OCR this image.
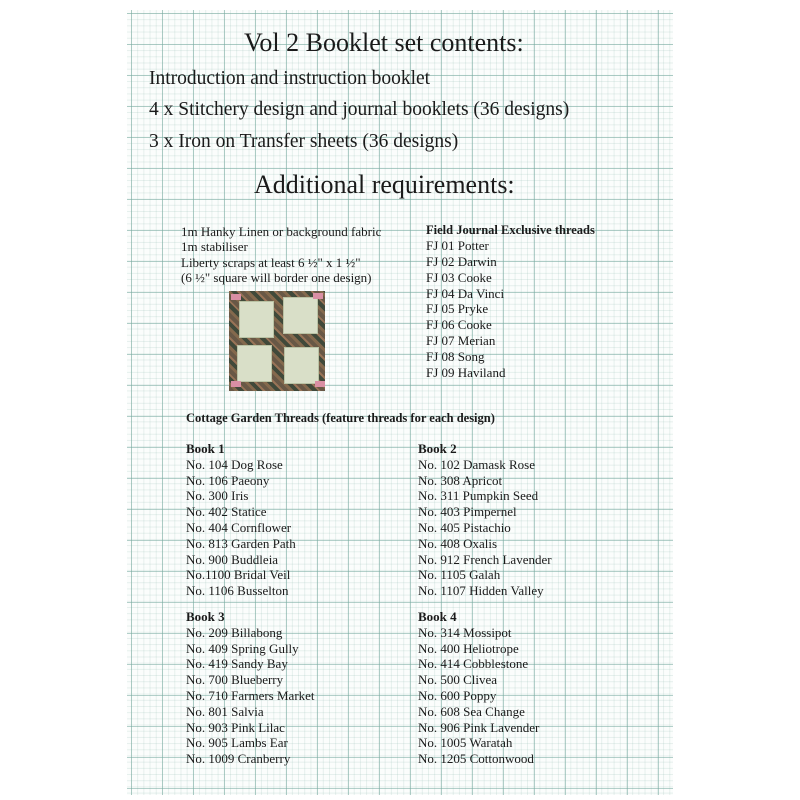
Vol 2 Booklet set contents:
Introduction and instruction booklet
4 x Stitchery design and journal booklets (36 designs)
3 x Iron on Transfer sheets (36 designs)
Additional requirements:
1m Hanky Linen or background fabric
1m stabiliser
Liberty scraps at least 6 ½" x 1 ½"
(6 ½" square will border one design)
Field Journal Exclusive threads
FJ 01 Potter
FJ 02 Darwin
FJ 03 Cooke
FJ 04 Da Vinci
FJ 05 Pryke
FJ 06 Cooke
FJ 07 Merian
FJ 08 Song
FJ 09 Haviland
Cottage Garden Threads (feature threads for each design)
Book 1
No. 104 Dog Rose
No. 106 Paeony
No. 300 Iris
No. 402 Statice
No. 404 Cornflower
No. 813 Garden Path
No. 900 Buddleia
No.1100 Bridal Veil
No. 1106 Busselton
Book 2
No. 102 Damask Rose
No. 308 Apricot
No. 311 Pumpkin Seed
No. 403 Pimpernel
No. 405 Pistachio
No. 408 Oxalis
No. 912 French Lavender
No. 1105 Galah
No. 1107 Hidden Valley
Book 3
No. 209 Billabong
No. 409 Spring Gully
No. 419 Sandy Bay
No. 700 Blueberry
No. 710 Farmers Market
No. 801 Salvia
No. 903 Pink Lilac
No. 905 Lambs Ear
No. 1009 Cranberry
Book 4
No. 314 Mossipot
No. 400 Heliotrope
No. 414 Cobblestone
No. 500 Clivea
No. 600 Poppy
No. 608 Sea Change
No. 906 Pink Lavender
No. 1005 Waratah
No. 1205 Cottonwood
